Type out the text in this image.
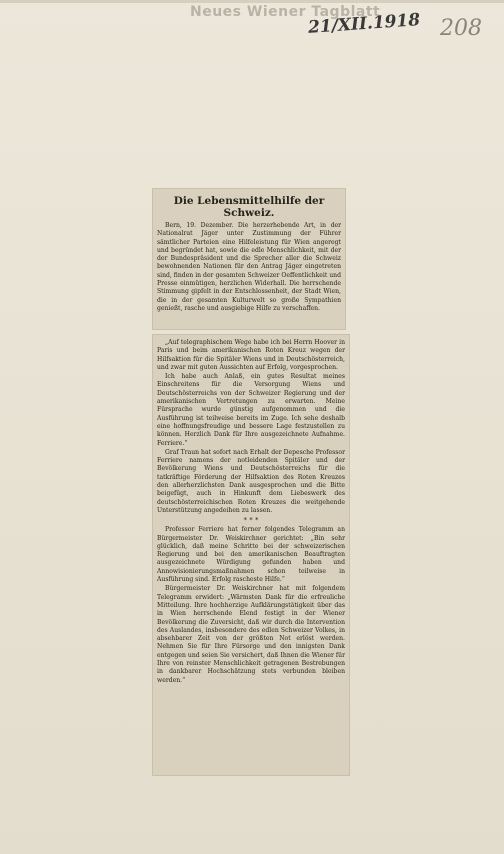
Neues Wiener Tagblatt
21/XII.1918 208
Die Lebensmittelhilfe der Schweiz.
Bern, 19. Dezember. Die herzerhebende Art, in der Nationalrat Jäger unter Zustimmung der Führer sämtlicher Parteien eine Hilfeleistung für Wien angeregt und begründet hat, sowie die edle Menschlichkeit, mit der der Bundespräsident und die Sprecher aller die Schweiz bewohnenden Nationen für den Antrag Jäger eingetreten sind, finden in der gesamten Schweizer Oeffentlichkeit und Presse einmütigen, herzlichen Widerhall. Die herrschende Stimmung gipfelt in der Entschlossenheit, der Stadt Wien, die in der gesamten Kulturwelt so große Sympathien genießt, rasche und ausgiebige Hilfe zu verschaffen.
„Auf telegraphischem Wege habe ich bei Herrn Hoover in Paris und beim amerikanischen Roten Kreuz wegen der Hilfsaktion für die Spitäler Wiens und in Deutschösterreich, und zwar mit guten Aussichten auf Erfolg, vorgesprochen.
Ich habe auch Anlaß, ein gutes Resultat meines Einschreitens für die Versorgung Wiens und Deutschösterreichs von der Schweizer Regierung und der amerikanischen Vertretungen zu erwarten. Meine Fürsprache wurde günstig aufgenommen und die Ausführung ist teilweise bereits im Zuge. Ich sehe deshalb eine hoffnungsfreudige und bessere Lage festzustellen zu können. Herzlich Dank für Ihre ausgezeichnete Aufnahme. Ferriere.“
Graf Traun hat sofort nach Erhalt der Depesche Professor Ferriere namens der notleidenden Spitäler und der Bevölkerung Wiens und Deutschösterreichs für die tatkräftige Förderung der Hilfsaktion des Roten Kreuzes den allerherzlichsten Dank ausgesprochen und die Bitte beigefügt, auch in Hinkunft dem Liebeswerk des deutschösterreichischen Roten Kreuzes die weitgehende Unterstützung angedeihen zu lassen.
* * *
Professor Ferriere hat ferner folgendes Telegramm an Bürgermeister Dr. Weiskirchner gerichtet: „Bin sehr glücklich, daß meine Schritte bei der schweizerischen Regierung und bei den amerikanischen Beauftragten ausgezeichnete Würdigung gefunden haben und Annowisionierungsmaßnahmen schon teilweise in Ausführung sind. Erfolg rascheste Hilfe.“
Bürgermeister Dr. Weiskirchner hat mit folgendem Telegramm erwidert: „Wärmsten Dank für die erfreuliche Mitteilung. Ihre hochherzige Aufklärungstätigkeit über das in Wien herrschende Elend festigt in der Wiener Bevölkerung die Zuversicht, daß wir durch die Intervention des Auslandes, insbesondere des edlen Schweizer Volkes, in absehbarer Zeit von der größten Not erlöst werden. Nehmen Sie für Ihre Fürsorge und den innigsten Dank entgegen und seien Sie versichert, daß Ihnen die Wiener für Ihre von reinster Menschlichkeit getragenen Bestrebungen in dankbarer Hochschätzung stets verbunden bleiben werden.“
